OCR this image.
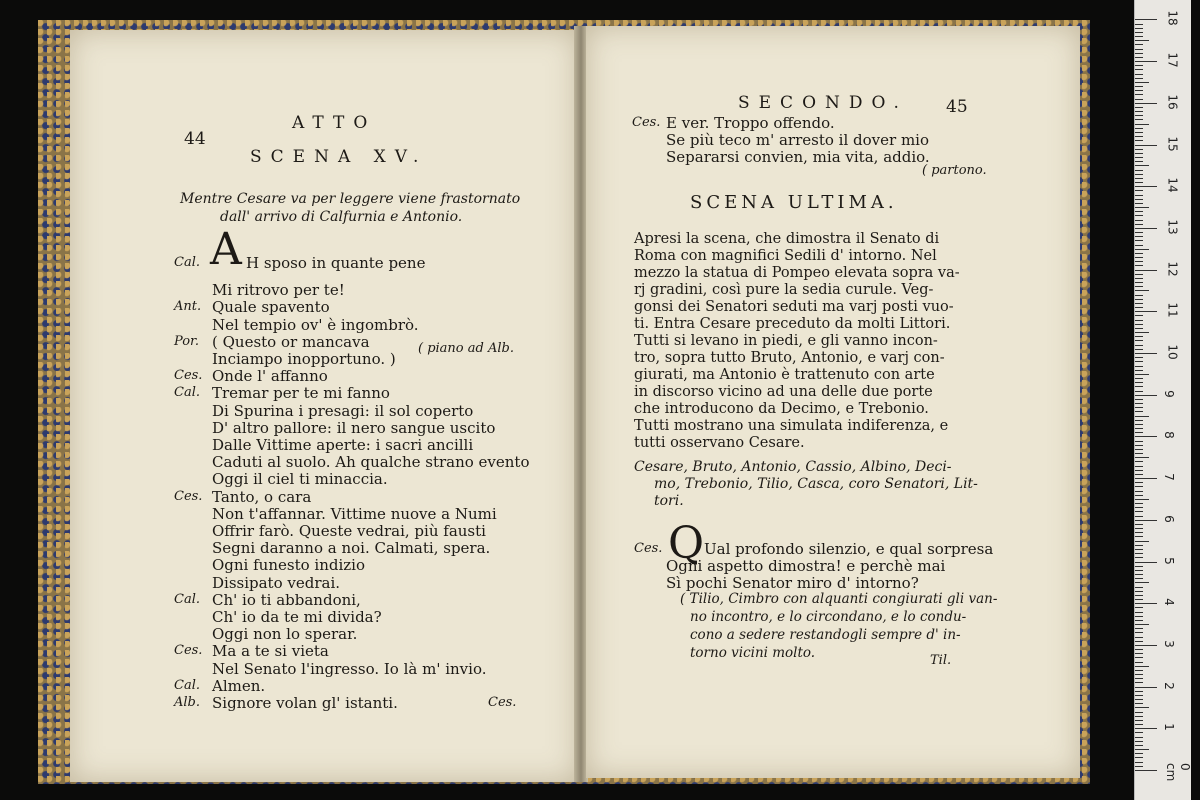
44
ATTO
SCENA XV.
Mentre Cesare va per leggere viene frastornato
dall' arrivo di Calfurnia e Antonio.
Cal. A H sposo in quante pene
Mi ritrovo per te!
Ant. Quale spavento
Nel tempio ov' è ingombrò.
Por. ( Questo or mancava
Inciampo inopportuno. )
( piano ad Alb.
Ces. Onde l' affanno
Cal. Tremar per te mi fanno
Di Spurina i presagi: il sol coperto
D' altro pallore: il nero sangue uscito
Dalle Vittime aperte: i sacri ancilli
Caduti al suolo. Ah qualche strano evento
Oggi il ciel ti minaccia.
Ces. Tanto, o cara
Non t'affannar. Vittime nuove a Numi
Offrir farò. Queste vedrai, più fausti
Segni daranno a noi. Calmati, spera.
Ogni funesto indizio
Dissipato vedrai.
Cal. Ch' io ti abbandoni,
Ch' io da te mi divida?
Oggi non lo sperar.
Ces. Ma a te si vieta
Nel Senato l'ingresso. Io là m' invio.
Cal. Almen.
Alb. Signore volan gl' istanti.	Ces.
SECONDO. 45
Ces. E ver. Troppo offendo.
Se più teco m' arresto il dover mio
Separarsi convien, mia vita, addio.
( partono.
SCENA ULTIMA.
Apresi la scena, che dimostra il Senato di
Roma con magnifici Sedili d' intorno. Nel
mezzo la statua di Pompeo elevata sopra va-
rj gradini, così pure la sedia curule. Veg-
gonsi dei Senatori seduti ma varj posti vuo-
ti. Entra Cesare preceduto da molti Littori.
Tutti si levano in piedi, e gli vanno incon-
tro, sopra tutto Bruto, Antonio, e varj con-
giurati, ma Antonio è trattenuto con arte
in discorso vicino ad una delle due porte
che introducono da Decimo, e Trebonio.
Tutti mostrano una simulata indiferenza, e
tutti osservano Cesare.
Cesare, Bruto, Antonio, Cassio, Albino, Deci-
mo, Trebonio, Tilio, Casca, coro Senatori, Lit-
tori.
Ces. Q Ual profondo silenzio, e qual sorpresa
Ogni aspetto dimostra! e perchè mai
Sì pochi Senator miro d' intorno?
( Tilio, Cimbro con alquanti congiurati gli van-
no incontro, e lo circondano, e lo condu-
cono a sedere restandogli sempre d' in-
torno vicini molto.	Til.
0 cm
1
2
3
4
5
6
7
8
9
10
11
12
13
14
15
16
17
18
